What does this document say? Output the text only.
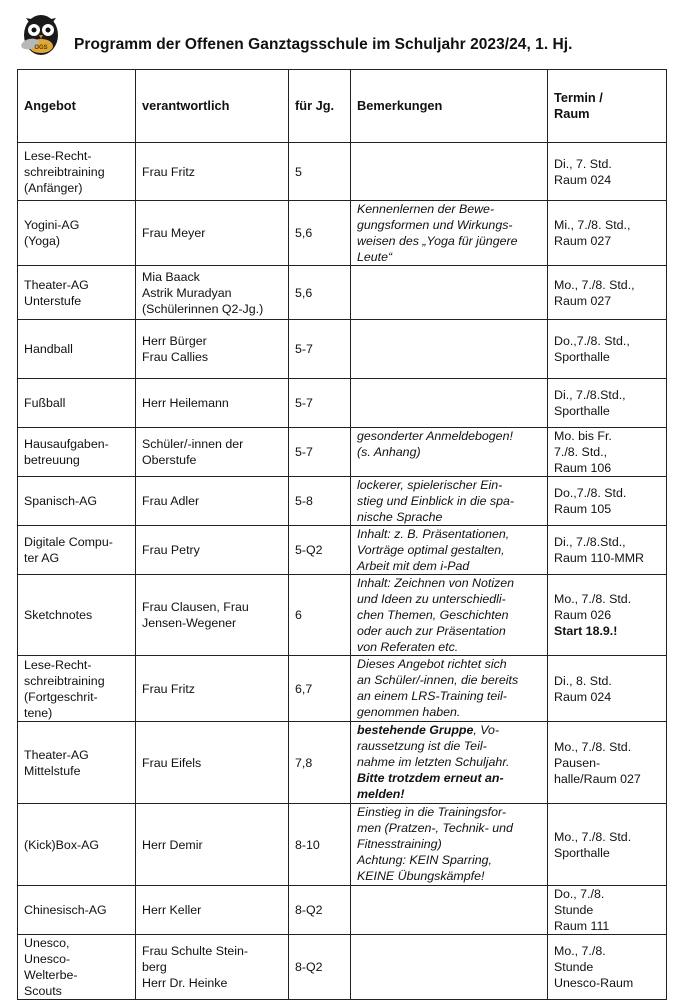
OGS Programm der Offenen Ganztagsschule im Schuljahr 2023/24, 1. Hj.
Angebot	verantwortlich	für Jg.	Bemerkungen	Termin /
Raum

Lese-Recht-
schreibtraining
(Anfänger)	Frau Fritz	5		Di., 7. Std.
Raum 024

Yogini-AG
(Yoga)	Frau Meyer	5,6	Kennenlernen der Bewe-
gungsformen und Wirkungs-
weisen des „Yoga für jüngere
Leute“	Mi., 7./8. Std.,
Raum 027

Theater-AG
Unterstufe	Mia Baack
Astrik Muradyan
(Schülerinnen Q2-Jg.)	5,6		Mo., 7./8. Std.,
Raum 027

Handball	Herr Bürger
Frau Callies	5-7		Do.,7./8. Std.,
Sporthalle

Fußball	Herr Heilemann	5-7		Di., 7./8.Std.,
Sporthalle

Hausaufgaben-
betreuung	Schüler/-innen der
Oberstufe	5-7	gesonderter Anmeldebogen!
(s. Anhang)	Mo. bis Fr.
7./8. Std.,
Raum 106

Spanisch-AG	Frau Adler	5-8	lockerer, spielerischer Ein-
stieg und Einblick in die spa-
nische Sprache	Do.,7./8. Std.
Raum 105

Digitale Compu-
ter AG	Frau Petry	5-Q2	Inhalt: z. B. Präsentationen,
Vorträge optimal gestalten,
Arbeit mit dem i-Pad	Di., 7./8.Std.,
Raum 110-MMR

Sketchnotes	Frau Clausen, Frau
Jensen-Wegener	6	Inhalt: Zeichnen von Notizen
und Ideen zu unterschiedli-
chen Themen, Geschichten
oder auch zur Präsentation
von Referaten etc.	Mo., 7./8. Std.
Raum 026
Start 18.9.!

Lese-Recht-
schreibtraining
(Fortgeschrit-
tene)	Frau Fritz	6,7	Dieses Angebot richtet sich
an Schüler/-innen, die bereits
an einem LRS-Training teil-
genommen haben.	Di., 8. Std.
Raum 024

Theater-AG
Mittelstufe	Frau Eifels	7,8	bestehende Gruppe, Vo-
raussetzung ist die Teil-
nahme im letzten Schuljahr.
Bitte trotzdem erneut an-
melden!	Mo., 7./8. Std.
Pausen-
halle/Raum 027

(Kick)Box-AG	Herr Demir	8-10	Einstieg in die Trainingsfor-
men (Pratzen-, Technik- und
Fitnesstraining)
Achtung: KEIN Sparring,
KEINE Übungskämpfe!	Mo., 7./8. Std.
Sporthalle

Chinesisch-AG	Herr Keller	8-Q2		Do., 7./8.
Stunde
Raum 111

Unesco,
Unesco-
Welterbe-
Scouts	Frau Schulte Stein-
berg
Herr Dr. Heinke	8-Q2		Mo., 7./8.
Stunde
Unesco-Raum
